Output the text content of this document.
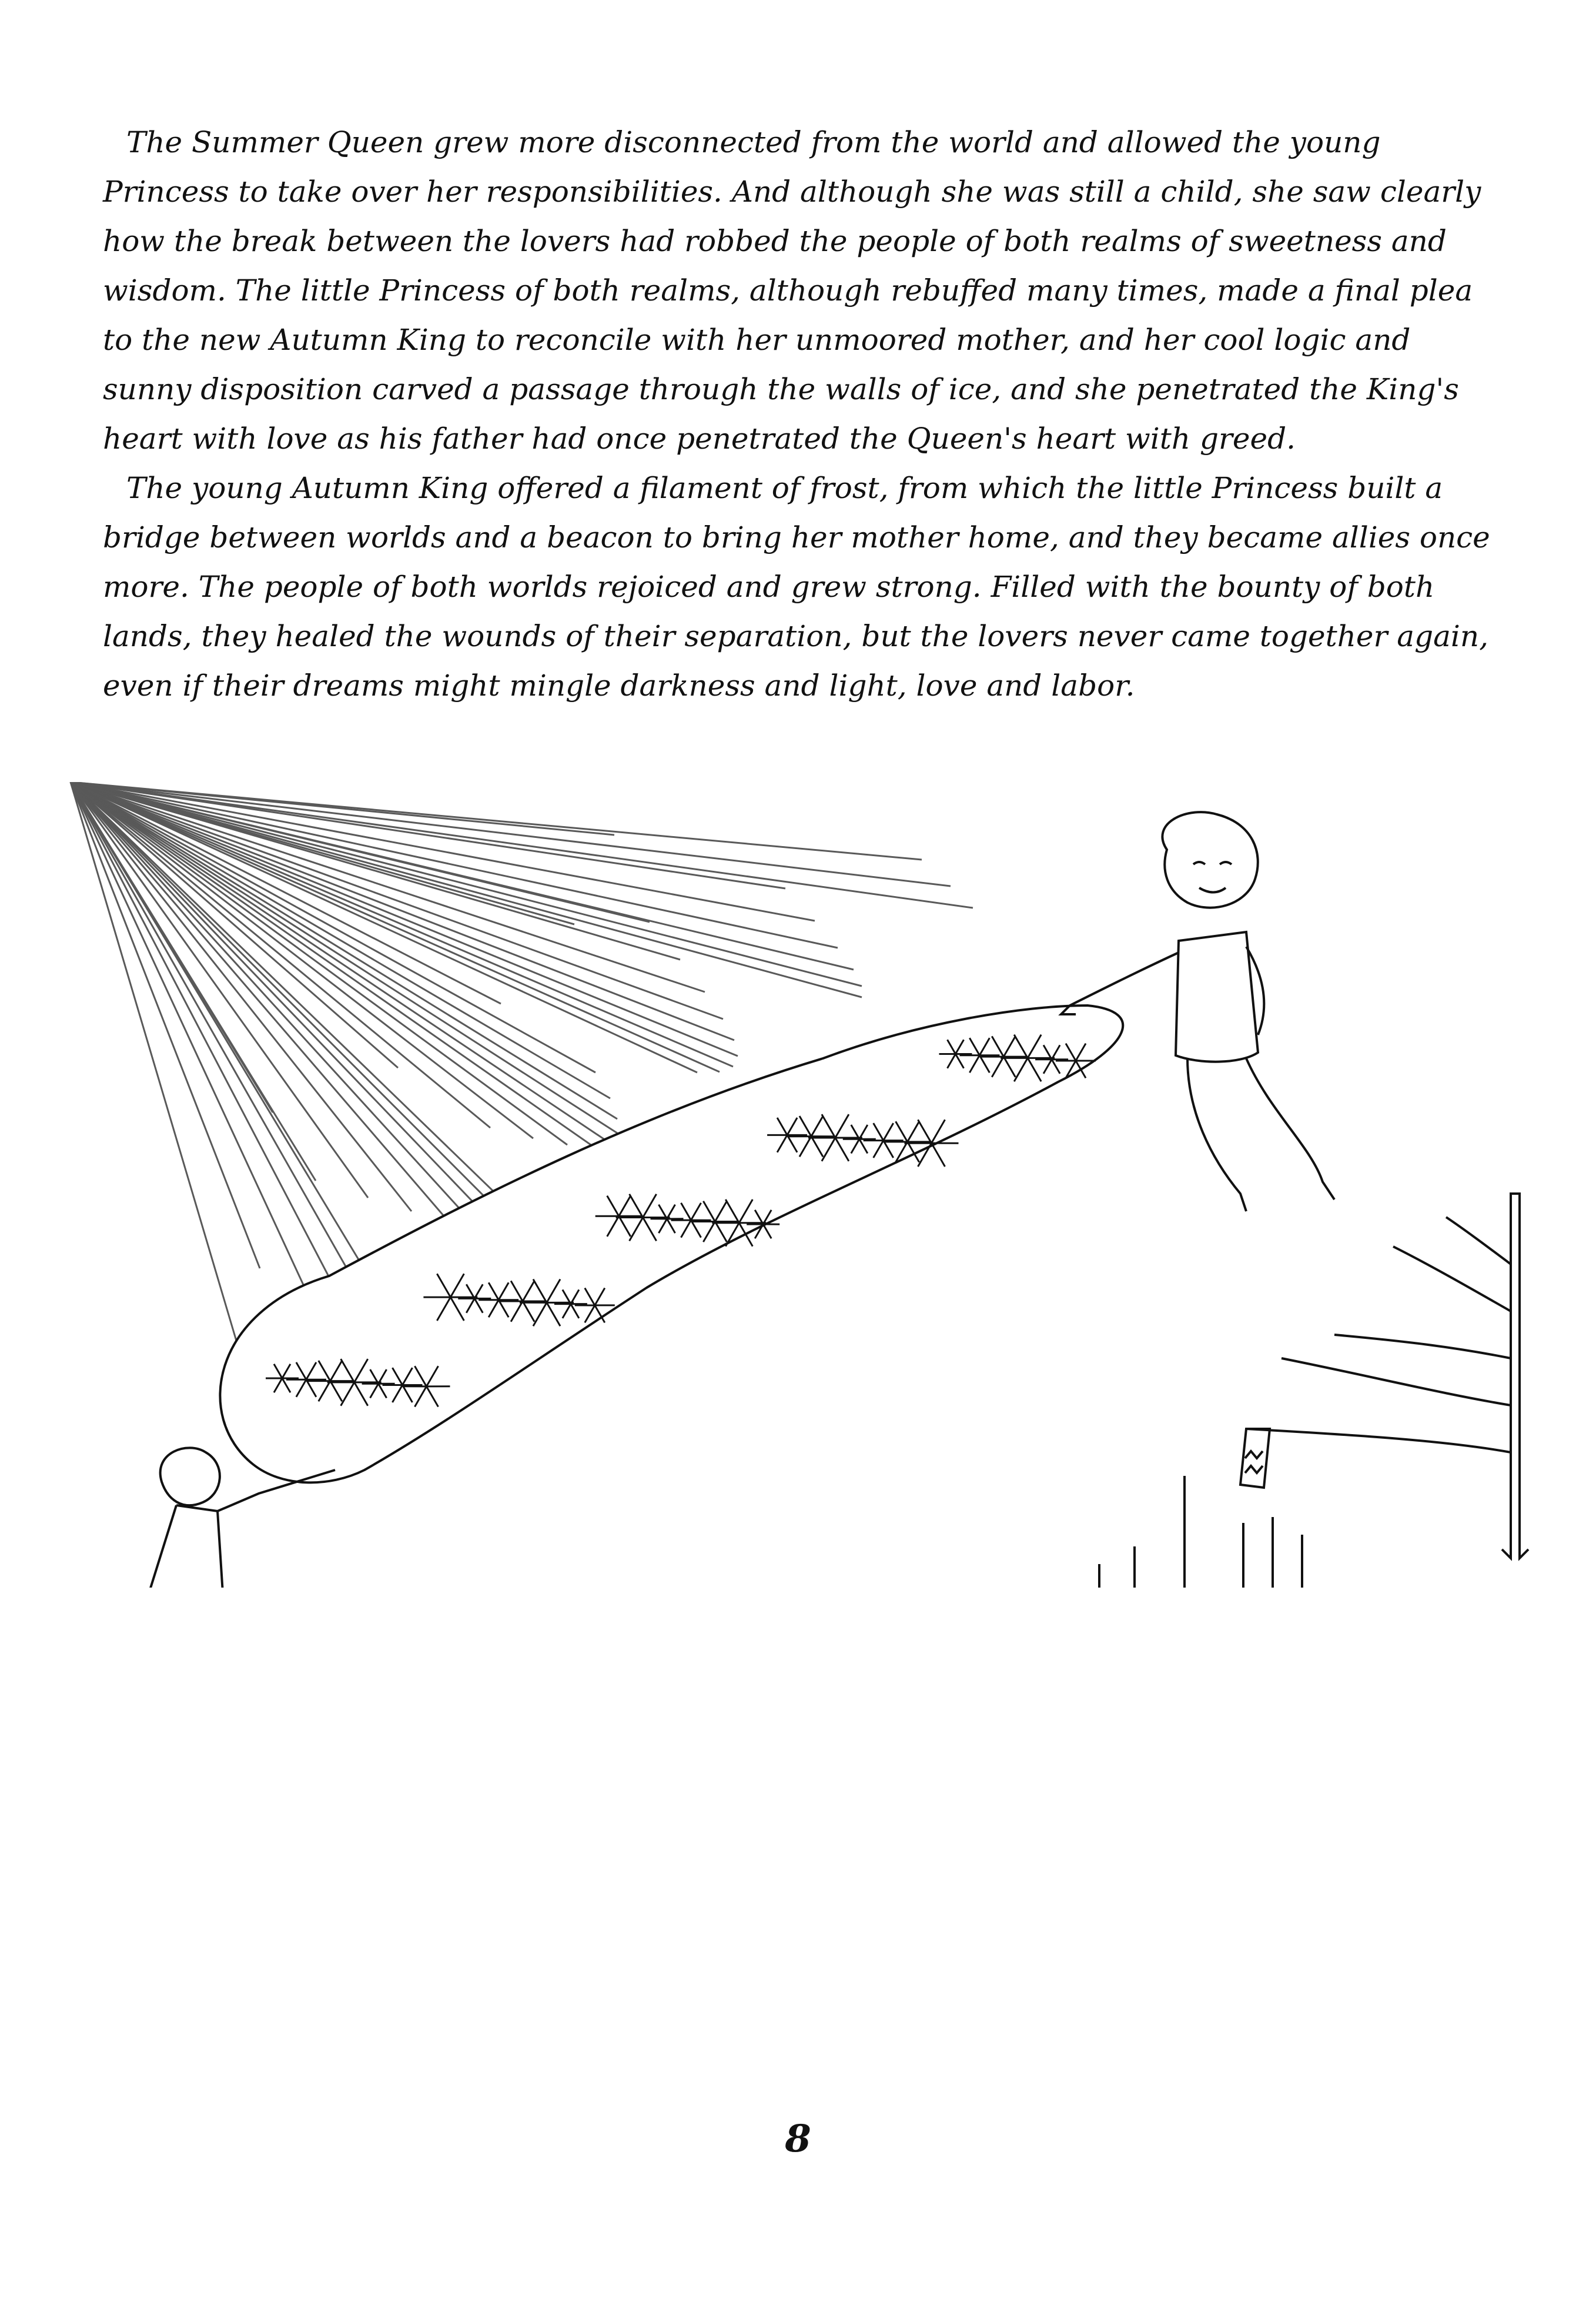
The Summer Queen grew more disconnected from the world and allowed the young Princess to take over her responsibilities. And although she was still a child, she saw clearly how the break between the lovers had robbed the people of both realms of sweetness and wisdom. The little Princess of both realms, although rebuffed many times, made a final plea to the new Autumn King to reconcile with her unmoored mother, and her cool logic and sunny disposition carved a passage through the walls of ice, and she penetrated the King's heart with love as his father had once penetrated the Queen's heart with greed.

The young Autumn King offered a filament of frost, from which the little Princess built a bridge between worlds and a beacon to bring her mother home, and they became allies once more. The people of both worlds rejoiced and grew strong. Filled with the bounty of both lands, they healed the wounds of their separation, but the lovers never came together again, even if their dreams might mingle darkness and light, love and labor.

8
